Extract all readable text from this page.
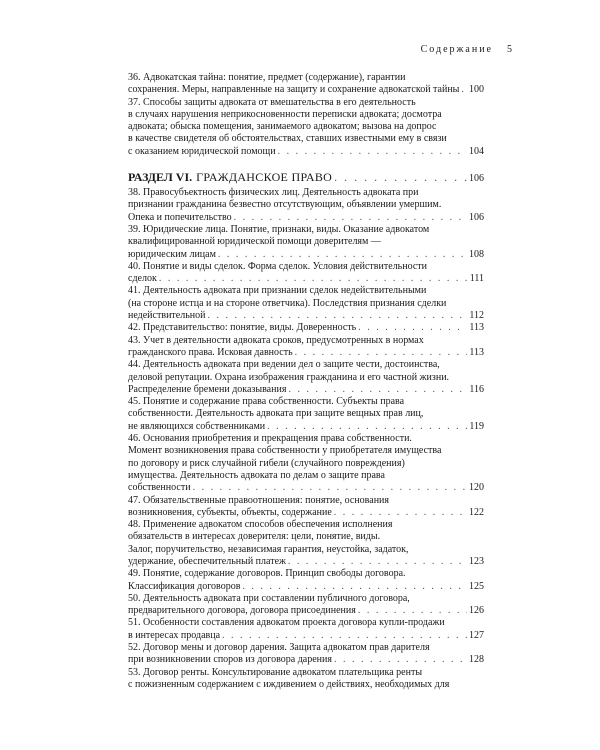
Содержание 5
36. Адвокатская тайна: понятие, предмет (содержание), гарантии
сохранения. Меры, направленные на защиту и сохранение адвокатской тайны . . . 100
37. Способы защиты адвоката от вмешательства в его деятельность
в случаях нарушения неприкосновенности переписки адвоката; досмотра
адвоката; обыска помещения, занимаемого адвокатом; вызова на допрос
в качестве свидетеля об обстоятельствах, ставших известными ему в связи
с оказанием юридической помощи . . .	104
РАЗДЕЛ VI. ГРАЖДАНСКОЕ ПРАВО . . .	106
38. Правосубъектность физических лиц. Деятельность адвоката при
признании гражданина безвестно отсутствующим, объявлении умершим.
Опека и попечительство . . .	106
39. Юридические лица. Понятие, признаки, виды. Оказание адвокатом
квалифицированной юридической помощи доверителям —
юридическим лицам . . .	108
40. Понятие и виды сделок. Форма сделок. Условия действительности
сделок . . .	111
41. Деятельность адвоката при признании сделок недействительными
(на стороне истца и на стороне ответчика). Последствия признания сделки
недействительной . . .	112
42. Представительство: понятие, виды. Доверенность . . .	113
43. Учет в деятельности адвоката сроков, предусмотренных в нормах
гражданского права. Исковая давность . . .	113
44. Деятельность адвоката при ведении дел о защите чести, достоинства,
деловой репутации. Охрана изображения гражданина и его частной жизни.
Распределение бремени доказывания . . .	116
45. Понятие и содержание права собственности. Субъекты права
собственности. Деятельность адвоката при защите вещных прав лиц,
не являющихся собственниками . . .	119
46. Основания приобретения и прекращения права собственности.
Момент возникновения права собственности у приобретателя имущества
по договору и риск случайной гибели (случайного повреждения)
имущества. Деятельность адвоката по делам о защите права
собственности . . .	120
47. Обязательственные правоотношения: понятие, основания
возникновения, субъекты, объекты, содержание . . .	122
48. Применение адвокатом способов обеспечения исполнения
обязательств в интересах доверителя: цели, понятие, виды.
Залог, поручительство, независимая гарантия, неустойка, задаток,
удержание, обеспечительный платеж . . .	123
49. Понятие, содержание договоров. Принцип свободы договора.
Классификация договоров . . .	125
50. Деятельность адвоката при составлении публичного договора,
предварительного договора, договора присоединения . . .	126
51. Особенности составления адвокатом проекта договора купли-продажи
в интересах продавца . . .	127
52. Договор мены и договор дарения. Защита адвокатом прав дарителя
при возникновении споров из договора дарения . . .	128
53. Договор ренты. Консультирование адвокатом плательщика ренты
с пожизненным содержанием с иждивением о действиях, необходимых для
